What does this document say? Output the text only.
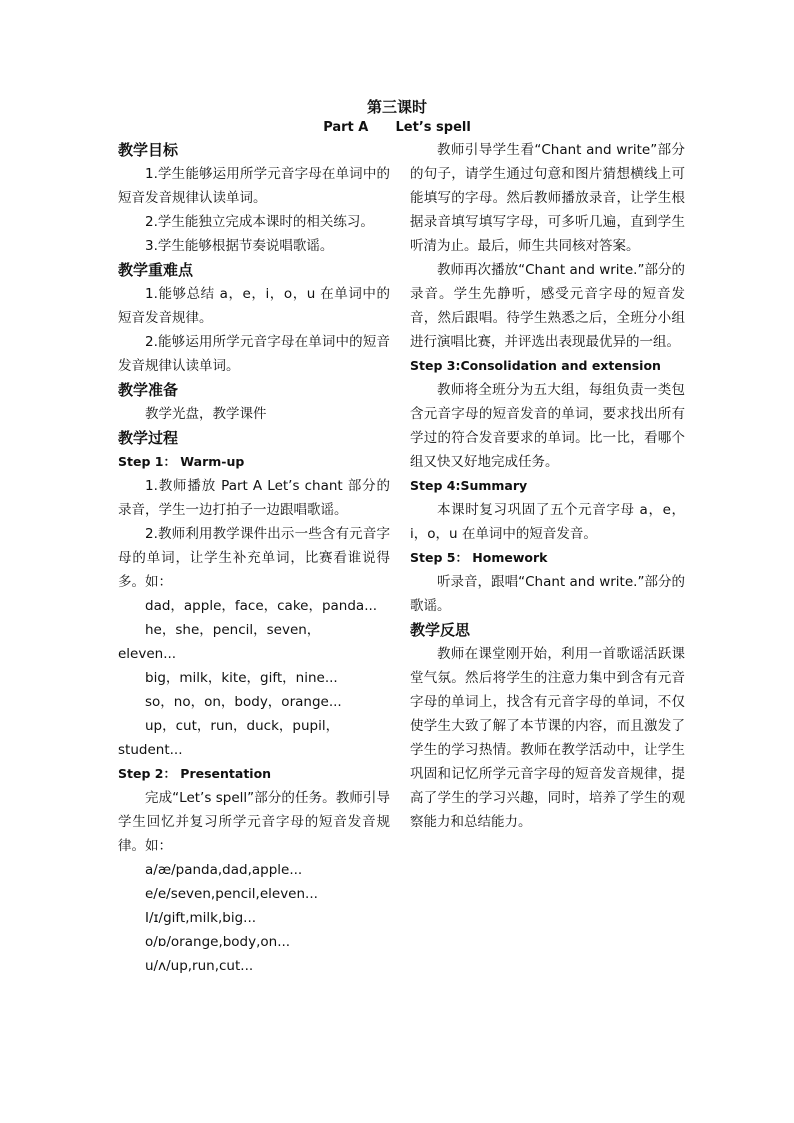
第三课时
Part A Let’s spell
教学目标
1.学生能够运用所学元音字母在单词中的短音发音规律认读单词。
2.学生能独立完成本课时的相关练习。
3.学生能够根据节奏说唱歌谣。
教学重难点
1.能够总结 a，e，i，o，u 在单词中的短音发音规律。
2.能够运用所学元音字母在单词中的短音发音规律认读单词。
教学准备
教学光盘，教学课件
教学过程
Step 1： Warm-up
1.教师播放 Part A Let’s chant 部分的录音，学生一边打拍子一边跟唱歌谣。
2.教师利用教学课件出示一些含有元音字母的单词，让学生补充单词，比赛看谁说得多。如：
dad，apple，face，cake，panda...
he，she，pencil，seven，
eleven...
big，milk，kite，gift，nine...
so，no，on，body，orange...
up，cut，run，duck，pupil，
student...
Step 2： Presentation
完成“Let’s spell”部分的任务。教师引导学生回忆并复习所学元音字母的短音发音规律。如：
a/æ/panda,dad,apple...
e/e/seven,pencil,eleven...
I/ɪ/gift,milk,big...
o/ɒ/orange,body,on...
u/ʌ/up,run,cut...
教师引导学生看“Chant and write”部分的句子，请学生通过句意和图片猜想横线上可能填写的字母。然后教师播放录音，让学生根据录音填写填写字母，可多听几遍，直到学生听清为止。最后，师生共同核对答案。
教师再次播放“Chant and write.”部分的录音。学生先静听，感受元音字母的短音发音，然后跟唱。待学生熟悉之后，全班分小组进行演唱比赛，并评选出表现最优异的一组。
Step 3:Consolidation and extension
教师将全班分为五大组，每组负责一类包含元音字母的短音发音的单词，要求找出所有学过的符合发音要求的单词。比一比，看哪个组又快又好地完成任务。
Step 4:Summary
本课时复习巩固了五个元音字母 a，e，i，o，u 在单词中的短音发音。
Step 5： Homework
听录音，跟唱“Chant and write.”部分的歌谣。
教学反思
教师在课堂刚开始，利用一首歌谣活跃课堂气氛。然后将学生的注意力集中到含有元音字母的单词上，找含有元音字母的单词，不仅使学生大致了解了本节课的内容，而且激发了学生的学习热情。教师在教学活动中，让学生巩固和记忆所学元音字母的短音发音规律，提高了学生的学习兴趣，同时，培养了学生的观察能力和总结能力。
